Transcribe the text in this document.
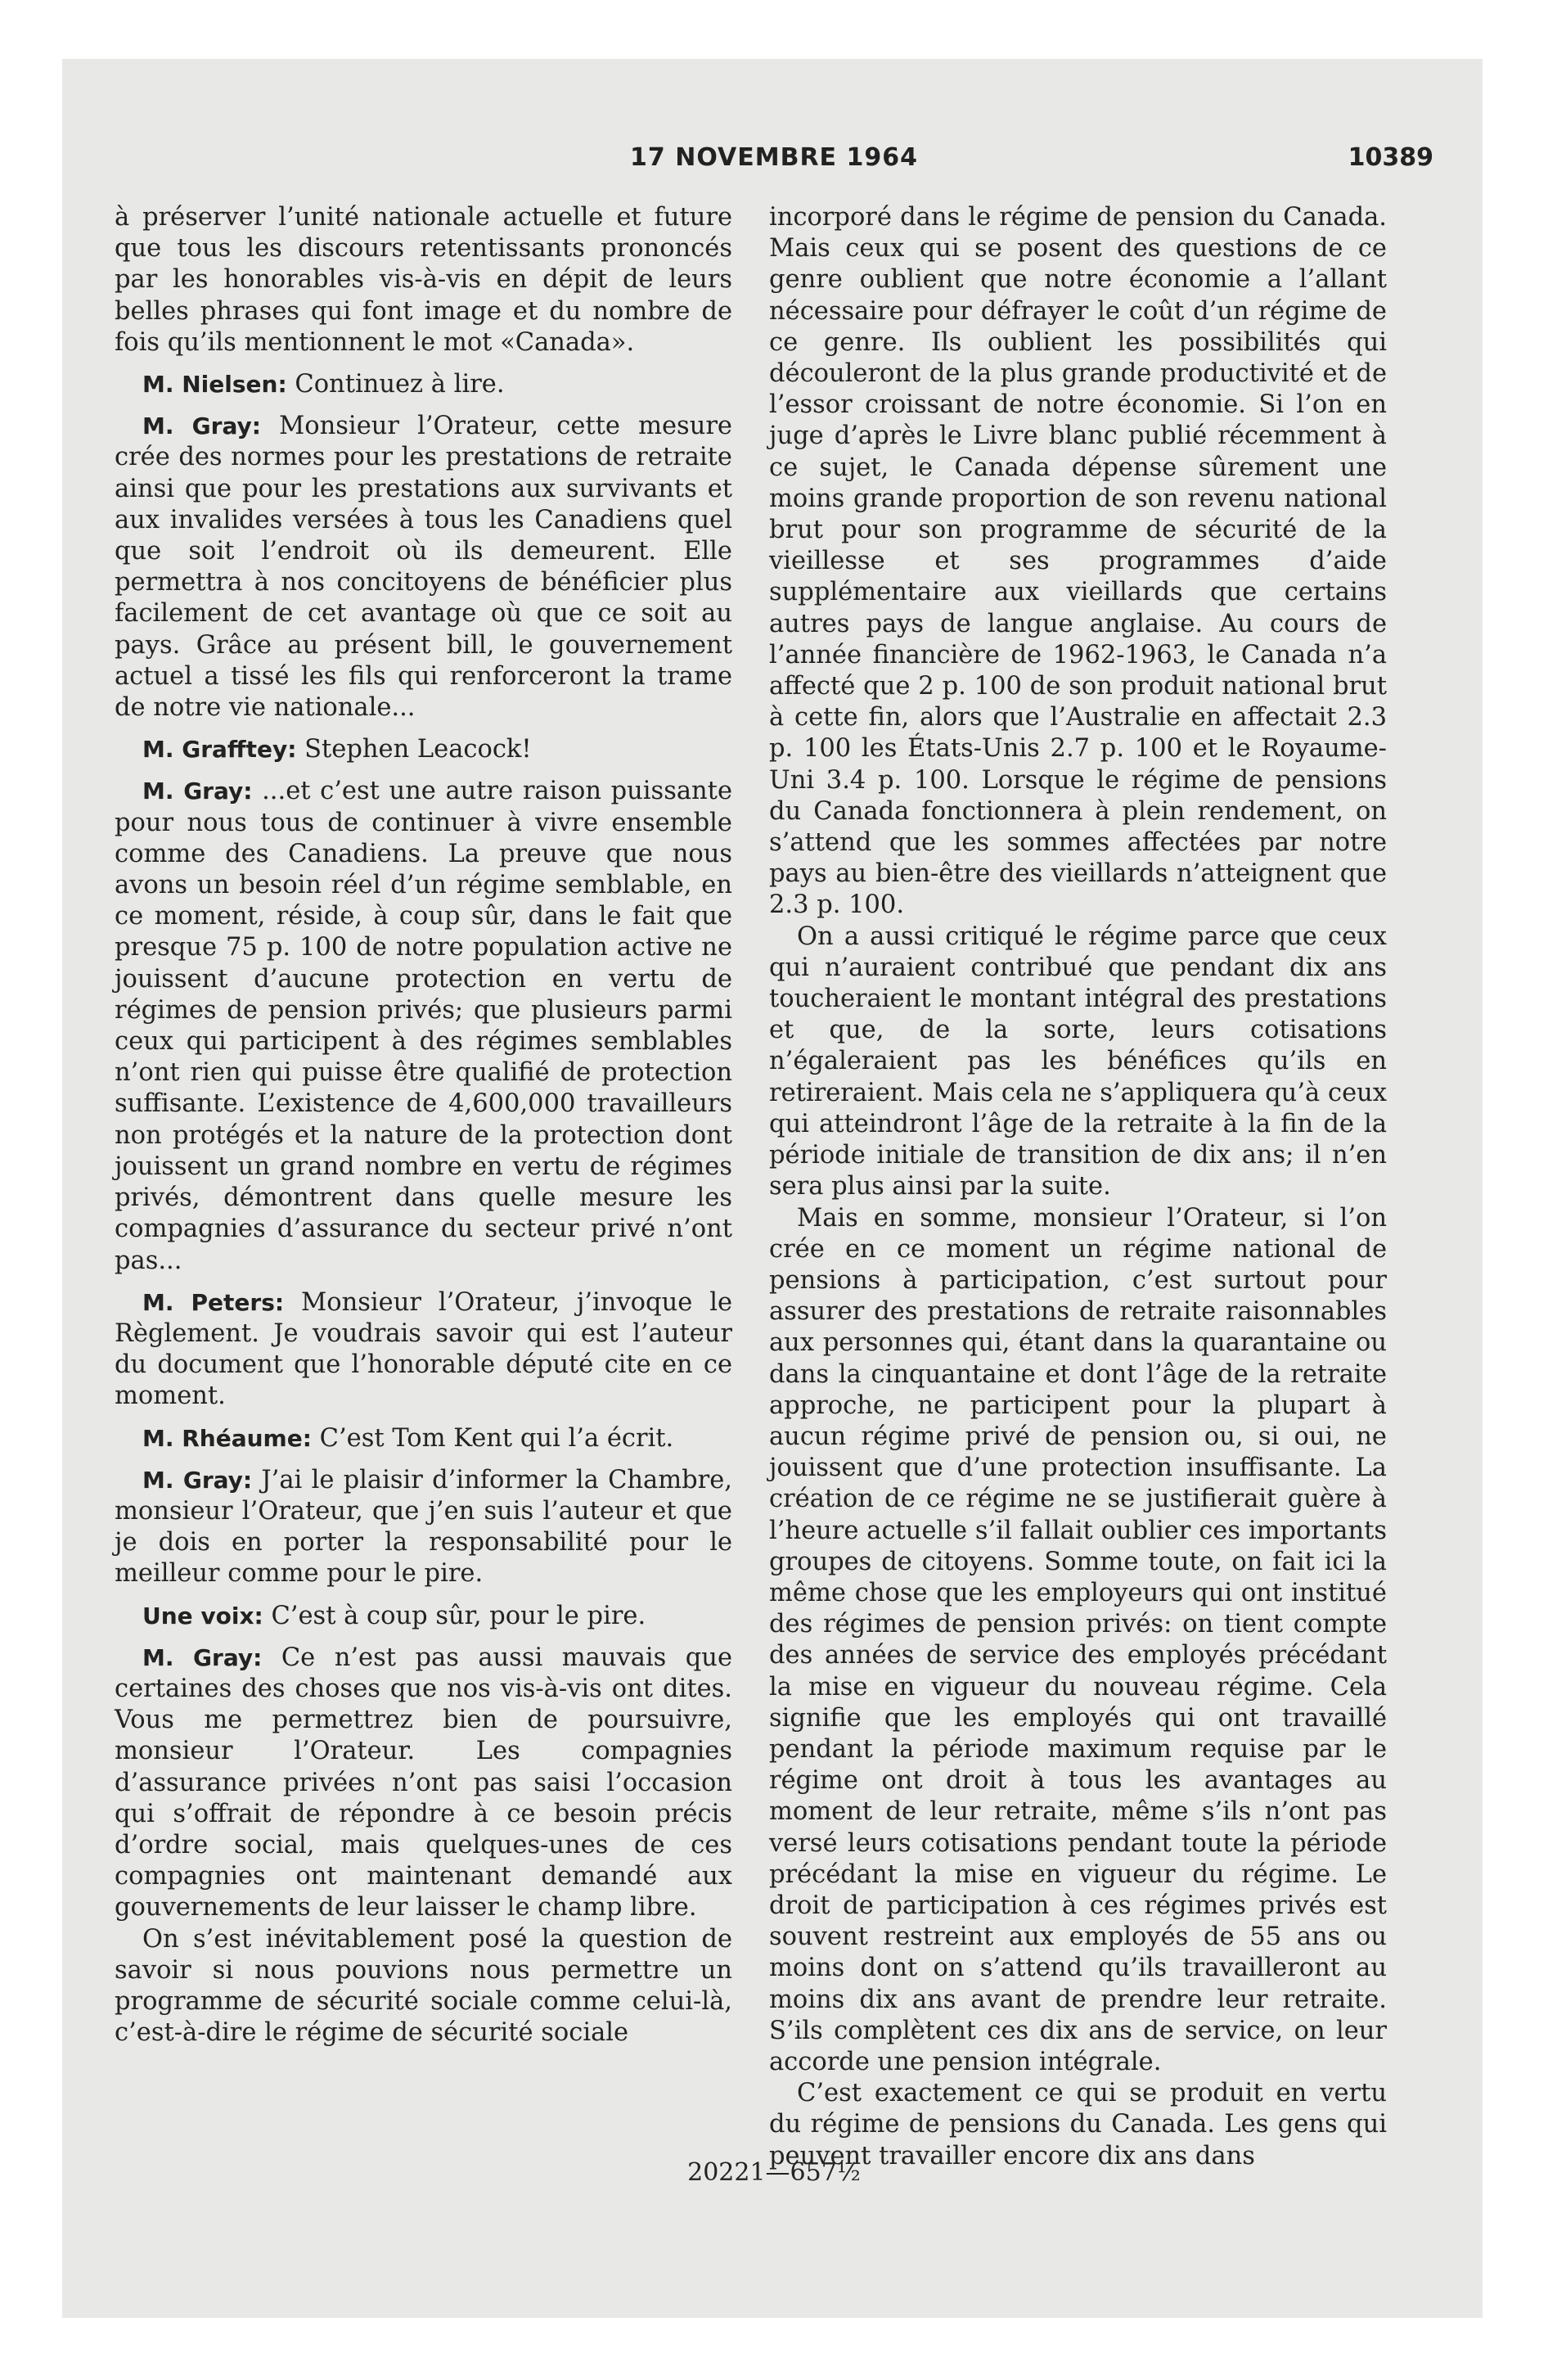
17 NOVEMBRE 1964	10389

à préserver l’unité nationale actuelle et future que tous les discours retentissants prononcés par les honorables vis-à-vis en dépit de leurs belles phrases qui font image et du nombre de fois qu’ils mentionnent le mot «Canada».

M. Nielsen: Continuez à lire.

M. Gray: Monsieur l’Orateur, cette mesure crée des normes pour les prestations de retraite ainsi que pour les prestations aux survivants et aux invalides versées à tous les Canadiens quel que soit l’endroit où ils demeurent. Elle permettra à nos concitoyens de bénéficier plus facilement de cet avantage où que ce soit au pays. Grâce au présent bill, le gouvernement actuel a tissé les fils qui renforceront la trame de notre vie nationale...

M. Grafftey: Stephen Leacock!

M. Gray: ...et c’est une autre raison puissante pour nous tous de continuer à vivre ensemble comme des Canadiens. La preuve que nous avons un besoin réel d’un régime semblable, en ce moment, réside, à coup sûr, dans le fait que presque 75 p. 100 de notre population active ne jouissent d’aucune protection en vertu de régimes de pension privés; que plusieurs parmi ceux qui participent à des régimes semblables n’ont rien qui puisse être qualifié de protection suffisante. L’existence de 4,600,000 travailleurs non protégés et la nature de la protection dont jouissent un grand nombre en vertu de régimes privés, démontrent dans quelle mesure les compagnies d’assurance du secteur privé n’ont pas...

M. Peters: Monsieur l’Orateur, j’invoque le Règlement. Je voudrais savoir qui est l’auteur du document que l’honorable député cite en ce moment.

M. Rhéaume: C’est Tom Kent qui l’a écrit.

M. Gray: J’ai le plaisir d’informer la Chambre, monsieur l’Orateur, que j’en suis l’auteur et que je dois en porter la responsabilité pour le meilleur comme pour le pire.

Une voix: C’est à coup sûr, pour le pire.

M. Gray: Ce n’est pas aussi mauvais que certaines des choses que nos vis-à-vis ont dites. Vous me permettrez bien de poursuivre, monsieur l’Orateur. Les compagnies d’assurance privées n’ont pas saisi l’occasion qui s’offrait de répondre à ce besoin précis d’ordre social, mais quelques-unes de ces compagnies ont maintenant demandé aux gouvernements de leur laisser le champ libre.

On s’est inévitablement posé la question de savoir si nous pouvions nous permettre un programme de sécurité sociale comme celui-là, c’est-à-dire le régime de sécurité sociale

incorporé dans le régime de pension du Canada. Mais ceux qui se posent des questions de ce genre oublient que notre économie a l’allant nécessaire pour défrayer le coût d’un régime de ce genre. Ils oublient les possibilités qui découleront de la plus grande productivité et de l’essor croissant de notre économie. Si l’on en juge d’après le Livre blanc publié récemment à ce sujet, le Canada dépense sûrement une moins grande proportion de son revenu national brut pour son programme de sécurité de la vieillesse et ses programmes d’aide supplémentaire aux vieillards que certains autres pays de langue anglaise. Au cours de l’année financière de 1962-1963, le Canada n’a affecté que 2 p. 100 de son produit national brut à cette fin, alors que l’Australie en affectait 2.3 p. 100 les États-Unis 2.7 p. 100 et le Royaume-Uni 3.4 p. 100. Lorsque le régime de pensions du Canada fonctionnera à plein rendement, on s’attend que les sommes affectées par notre pays au bien-être des vieillards n’atteignent que 2.3 p. 100.

On a aussi critiqué le régime parce que ceux qui n’auraient contribué que pendant dix ans toucheraient le montant intégral des prestations et que, de la sorte, leurs cotisations n’égaleraient pas les bénéfices qu’ils en retireraient. Mais cela ne s’appliquera qu’à ceux qui atteindront l’âge de la retraite à la fin de la période initiale de transition de dix ans; il n’en sera plus ainsi par la suite.

Mais en somme, monsieur l’Orateur, si l’on crée en ce moment un régime national de pensions à participation, c’est surtout pour assurer des prestations de retraite raisonnables aux personnes qui, étant dans la quarantaine ou dans la cinquantaine et dont l’âge de la retraite approche, ne participent pour la plupart à aucun régime privé de pension ou, si oui, ne jouissent que d’une protection insuffisante. La création de ce régime ne se justifierait guère à l’heure actuelle s’il fallait oublier ces importants groupes de citoyens. Somme toute, on fait ici la même chose que les employeurs qui ont institué des régimes de pension privés: on tient compte des années de service des employés précédant la mise en vigueur du nouveau régime. Cela signifie que les employés qui ont travaillé pendant la période maximum requise par le régime ont droit à tous les avantages au moment de leur retraite, même s’ils n’ont pas versé leurs cotisations pendant toute la période précédant la mise en vigueur du régime. Le droit de participation à ces régimes privés est souvent restreint aux employés de 55 ans ou moins dont on s’attend qu’ils travailleront au moins dix ans avant de prendre leur retraite. S’ils complètent ces dix ans de service, on leur accorde une pension intégrale.

C’est exactement ce qui se produit en vertu du régime de pensions du Canada. Les gens qui peuvent travailler encore dix ans dans

20221—657½
